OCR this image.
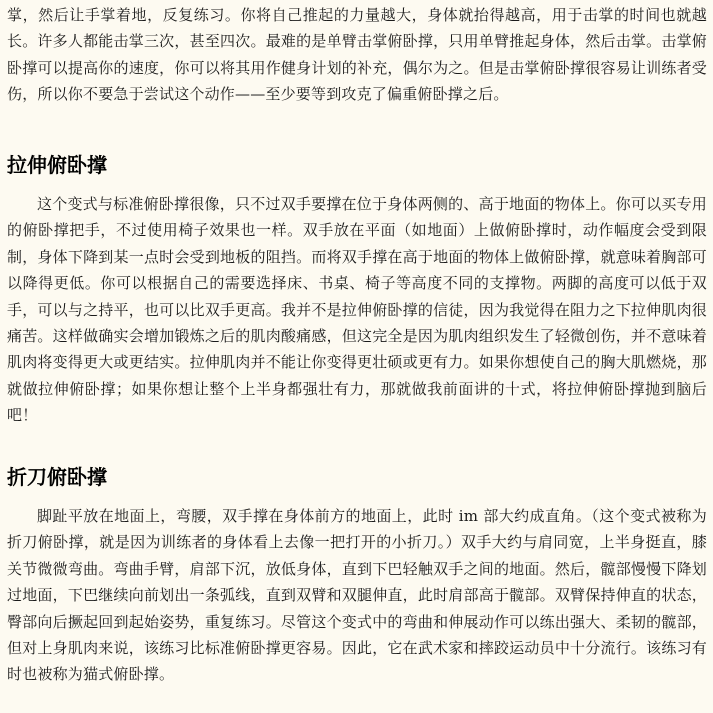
掌，然后让手掌着地，反复练习。你将自己推起的力量越大，身体就抬得越高，用于击掌的时间也就越长。许多人都能击掌三次，甚至四次。最难的是单臂击掌俯卧撑，只用单臂推起身体，然后击掌。击掌俯卧撑可以提高你的速度，你可以将其用作健身计划的补充，偶尔为之。但是击掌俯卧撑很容易让训练者受伤，所以你不要急于尝试这个动作——至少要等到攻克了偏重俯卧撑之后。

拉伸俯卧撑

这个变式与标准俯卧撑很像，只不过双手要撑在位于身体两侧的、高于地面的物体上。你可以买专用的俯卧撑把手，不过使用椅子效果也一样。双手放在平面（如地面）上做俯卧撑时，动作幅度会受到限制，身体下降到某一点时会受到地板的阻挡。而将双手撑在高于地面的物体上做俯卧撑，就意味着胸部可以降得更低。你可以根据自己的需要选择床、书桌、椅子等高度不同的支撑物。两脚的高度可以低于双手，可以与之持平，也可以比双手更高。我并不是拉伸俯卧撑的信徒，因为我觉得在阻力之下拉伸肌肉很痛苦。这样做确实会增加锻炼之后的肌肉酸痛感，但这完全是因为肌肉组织发生了轻微创伤，并不意味着肌肉将变得更大或更结实。拉伸肌肉并不能让你变得更壮硕或更有力。如果你想使自己的胸大肌燃烧，那就做拉伸俯卧撑；如果你想让整个上半身都强壮有力，那就做我前面讲的十式，将拉伸俯卧撑抛到脑后吧！

折刀俯卧撑

脚趾平放在地面上，弯腰，双手撑在身体前方的地面上，此时 im 部大约成直角。（这个变式被称为折刀俯卧撑，就是因为训练者的身体看上去像一把打开的小折刀。）双手大约与肩同宽，上半身挺直，膝关节微微弯曲。弯曲手臂，肩部下沉，放低身体，直到下巴轻触双手之间的地面。然后，髋部慢慢下降划过地面，下巴继续向前划出一条弧线，直到双臂和双腿伸直，此时肩部高于髋部。双臂保持伸直的状态，臀部向后撅起回到起始姿势，重复练习。尽管这个变式中的弯曲和伸展动作可以练出强大、柔韧的髋部，但对上身肌肉来说，该练习比标准俯卧撑更容易。因此，它在武术家和摔跤运动员中十分流行。该练习有时也被称为猫式俯卧撑。
